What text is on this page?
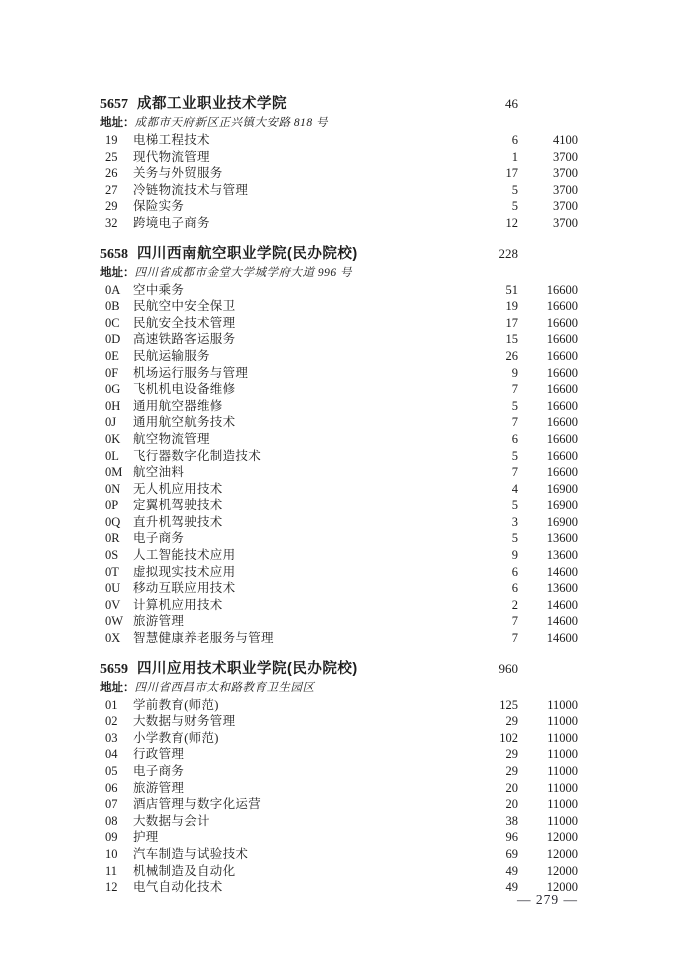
5657 成都工业职业技术学院	46
地址：成都市天府新区正兴镇大安路 818 号
19	电梯工程技术	6	4100
25	现代物流管理	1	3700
26	关务与外贸服务	17	3700
27	冷链物流技术与管理	5	3700
29	保险实务	5	3700
32	跨境电子商务	12	3700
5658 四川西南航空职业学院(民办院校)	228
地址：四川省成都市金堂大学城学府大道 996 号
0A	空中乘务	51	16600
0B	民航空中安全保卫	19	16600
0C	民航安全技术管理	17	16600
0D	高速铁路客运服务	15	16600
0E	民航运输服务	26	16600
0F	机场运行服务与管理	9	16600
0G	飞机机电设备维修	7	16600
0H	通用航空器维修	5	16600
0J	通用航空航务技术	7	16600
0K	航空物流管理	6	16600
0L	飞行器数字化制造技术	5	16600
0M 航空油料	7	16600
0N	无人机应用技术	4	16900
0P	定翼机驾驶技术	5	16900
0Q	直升机驾驶技术	3	16900
0R	电子商务	5	13600
0S	人工智能技术应用	9	13600
0T	虚拟现实技术应用	6	14600
0U	移动互联应用技术	6	13600
0V	计算机应用技术	2	14600
0W 旅游管理	7	14600
0X	智慧健康养老服务与管理	7	14600
5659 四川应用技术职业学院(民办院校)	960
地址：四川省西昌市太和路教育卫生园区
01	学前教育(师范)	125	11000
02	大数据与财务管理	29	11000
03	小学教育(师范)	102	11000
04	行政管理	29	11000
05	电子商务	29	11000
06	旅游管理	20	11000
07	酒店管理与数字化运营	20	11000
08	大数据与会计	38	11000
09	护理	96	12000
10	汽车制造与试验技术	69	12000
11	机械制造及自动化	49	12000
12	电气自动化技术	49	12000
— 279 —
